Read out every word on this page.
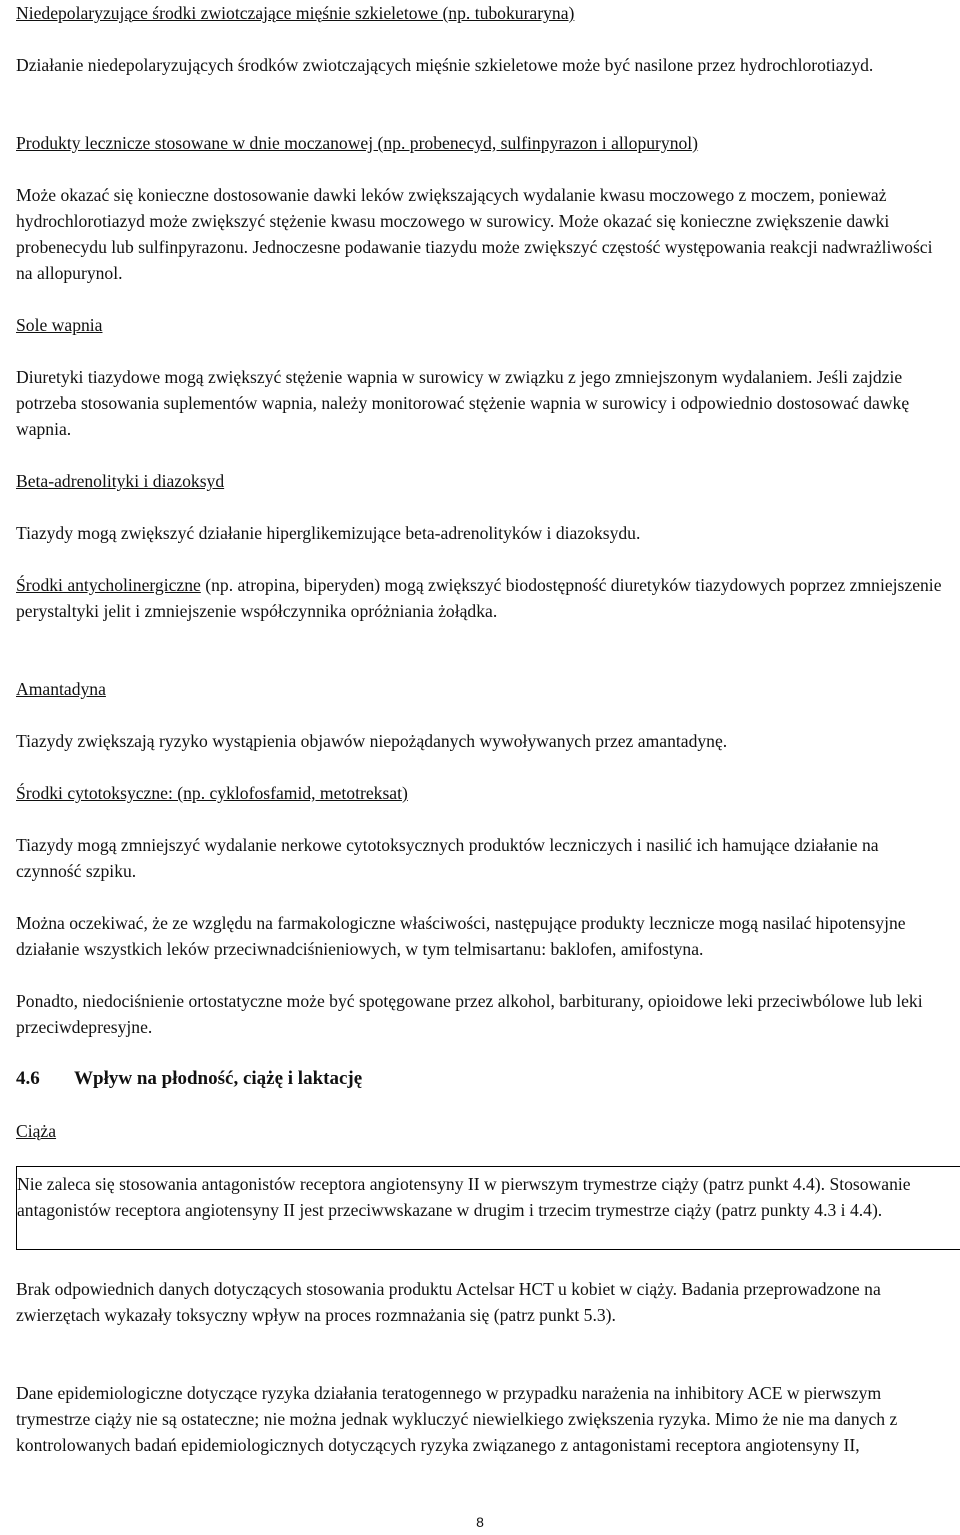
Niedepolaryzujące środki zwiotczające mięśnie szkieletowe (np. tubokuraryna)

Działanie niedepolaryzujących środków zwiotczających mięśnie szkieletowe może być nasilone przez hydrochlorotiazyd.

Produkty lecznicze stosowane w dnie moczanowej (np. probenecyd, sulfinpyrazon i allopurynol)

Może okazać się konieczne dostosowanie dawki leków zwiększających wydalanie kwasu moczowego z moczem, ponieważ hydrochlorotiazyd może zwiększyć stężenie kwasu moczowego w surowicy. Może okazać się konieczne zwiększenie dawki probenecydu lub sulfinpyrazonu. Jednoczesne podawanie tiazydu może zwiększyć częstość występowania reakcji nadwrażliwości na allopurynol.

Sole wapnia

Diuretyki tiazydowe mogą zwiększyć stężenie wapnia w surowicy w związku z jego zmniejszonym wydalaniem. Jeśli zajdzie potrzeba stosowania suplementów wapnia, należy monitorować stężenie wapnia w surowicy i odpowiednio dostosować dawkę wapnia.

Beta-adrenolityki i diazoksyd

Tiazydy mogą zwiększyć działanie hiperglikemizujące beta-adrenolityków i diazoksydu.

Środki antycholinergiczne (np. atropina, biperyden) mogą zwiększyć biodostępność diuretyków tiazydowych poprzez zmniejszenie perystaltyki jelit i zmniejszenie współczynnika opróżniania żołądka.

Amantadyna

Tiazydy zwiększają ryzyko wystąpienia objawów niepożądanych wywoływanych przez amantadynę.

Środki cytotoksyczne: (np. cyklofosfamid, metotreksat)

Tiazydy mogą zmniejszyć wydalanie nerkowe cytotoksycznych produktów leczniczych i nasilić ich hamujące działanie na czynność szpiku.

Można oczekiwać, że ze względu na farmakologiczne właściwości, następujące produkty lecznicze mogą nasilać hipotensyjne działanie wszystkich leków przeciwnadciśnieniowych, w tym telmisartanu: baklofen, amifostyna.

Ponadto, niedociśnienie ortostatyczne może być spotęgowane przez alkohol, barbiturany, opioidowe leki przeciwbólowe lub leki przeciwdepresyjne.

4.6 Wpływ na płodność, ciążę i laktację

Ciąża

Nie zaleca się stosowania antagonistów receptora angiotensyny II w pierwszym trymestrze ciąży (patrz punkt 4.4). Stosowanie antagonistów receptora angiotensyny II jest przeciwwskazane w drugim i trzecim trymestrze ciąży (patrz punkty 4.3 i 4.4).

Brak odpowiednich danych dotyczących stosowania produktu Actelsar HCT u kobiet w ciąży. Badania przeprowadzone na zwierzętach wykazały toksyczny wpływ na proces rozmnażania się (patrz punkt 5.3).

Dane epidemiologiczne dotyczące ryzyka działania teratogennego w przypadku narażenia na inhibitory ACE w pierwszym trymestrze ciąży nie są ostateczne; nie można jednak wykluczyć niewielkiego zwiększenia ryzyka. Mimo że nie ma danych z kontrolowanych badań epidemiologicznych dotyczących ryzyka związanego z antagonistami receptora angiotensyny II,

8
